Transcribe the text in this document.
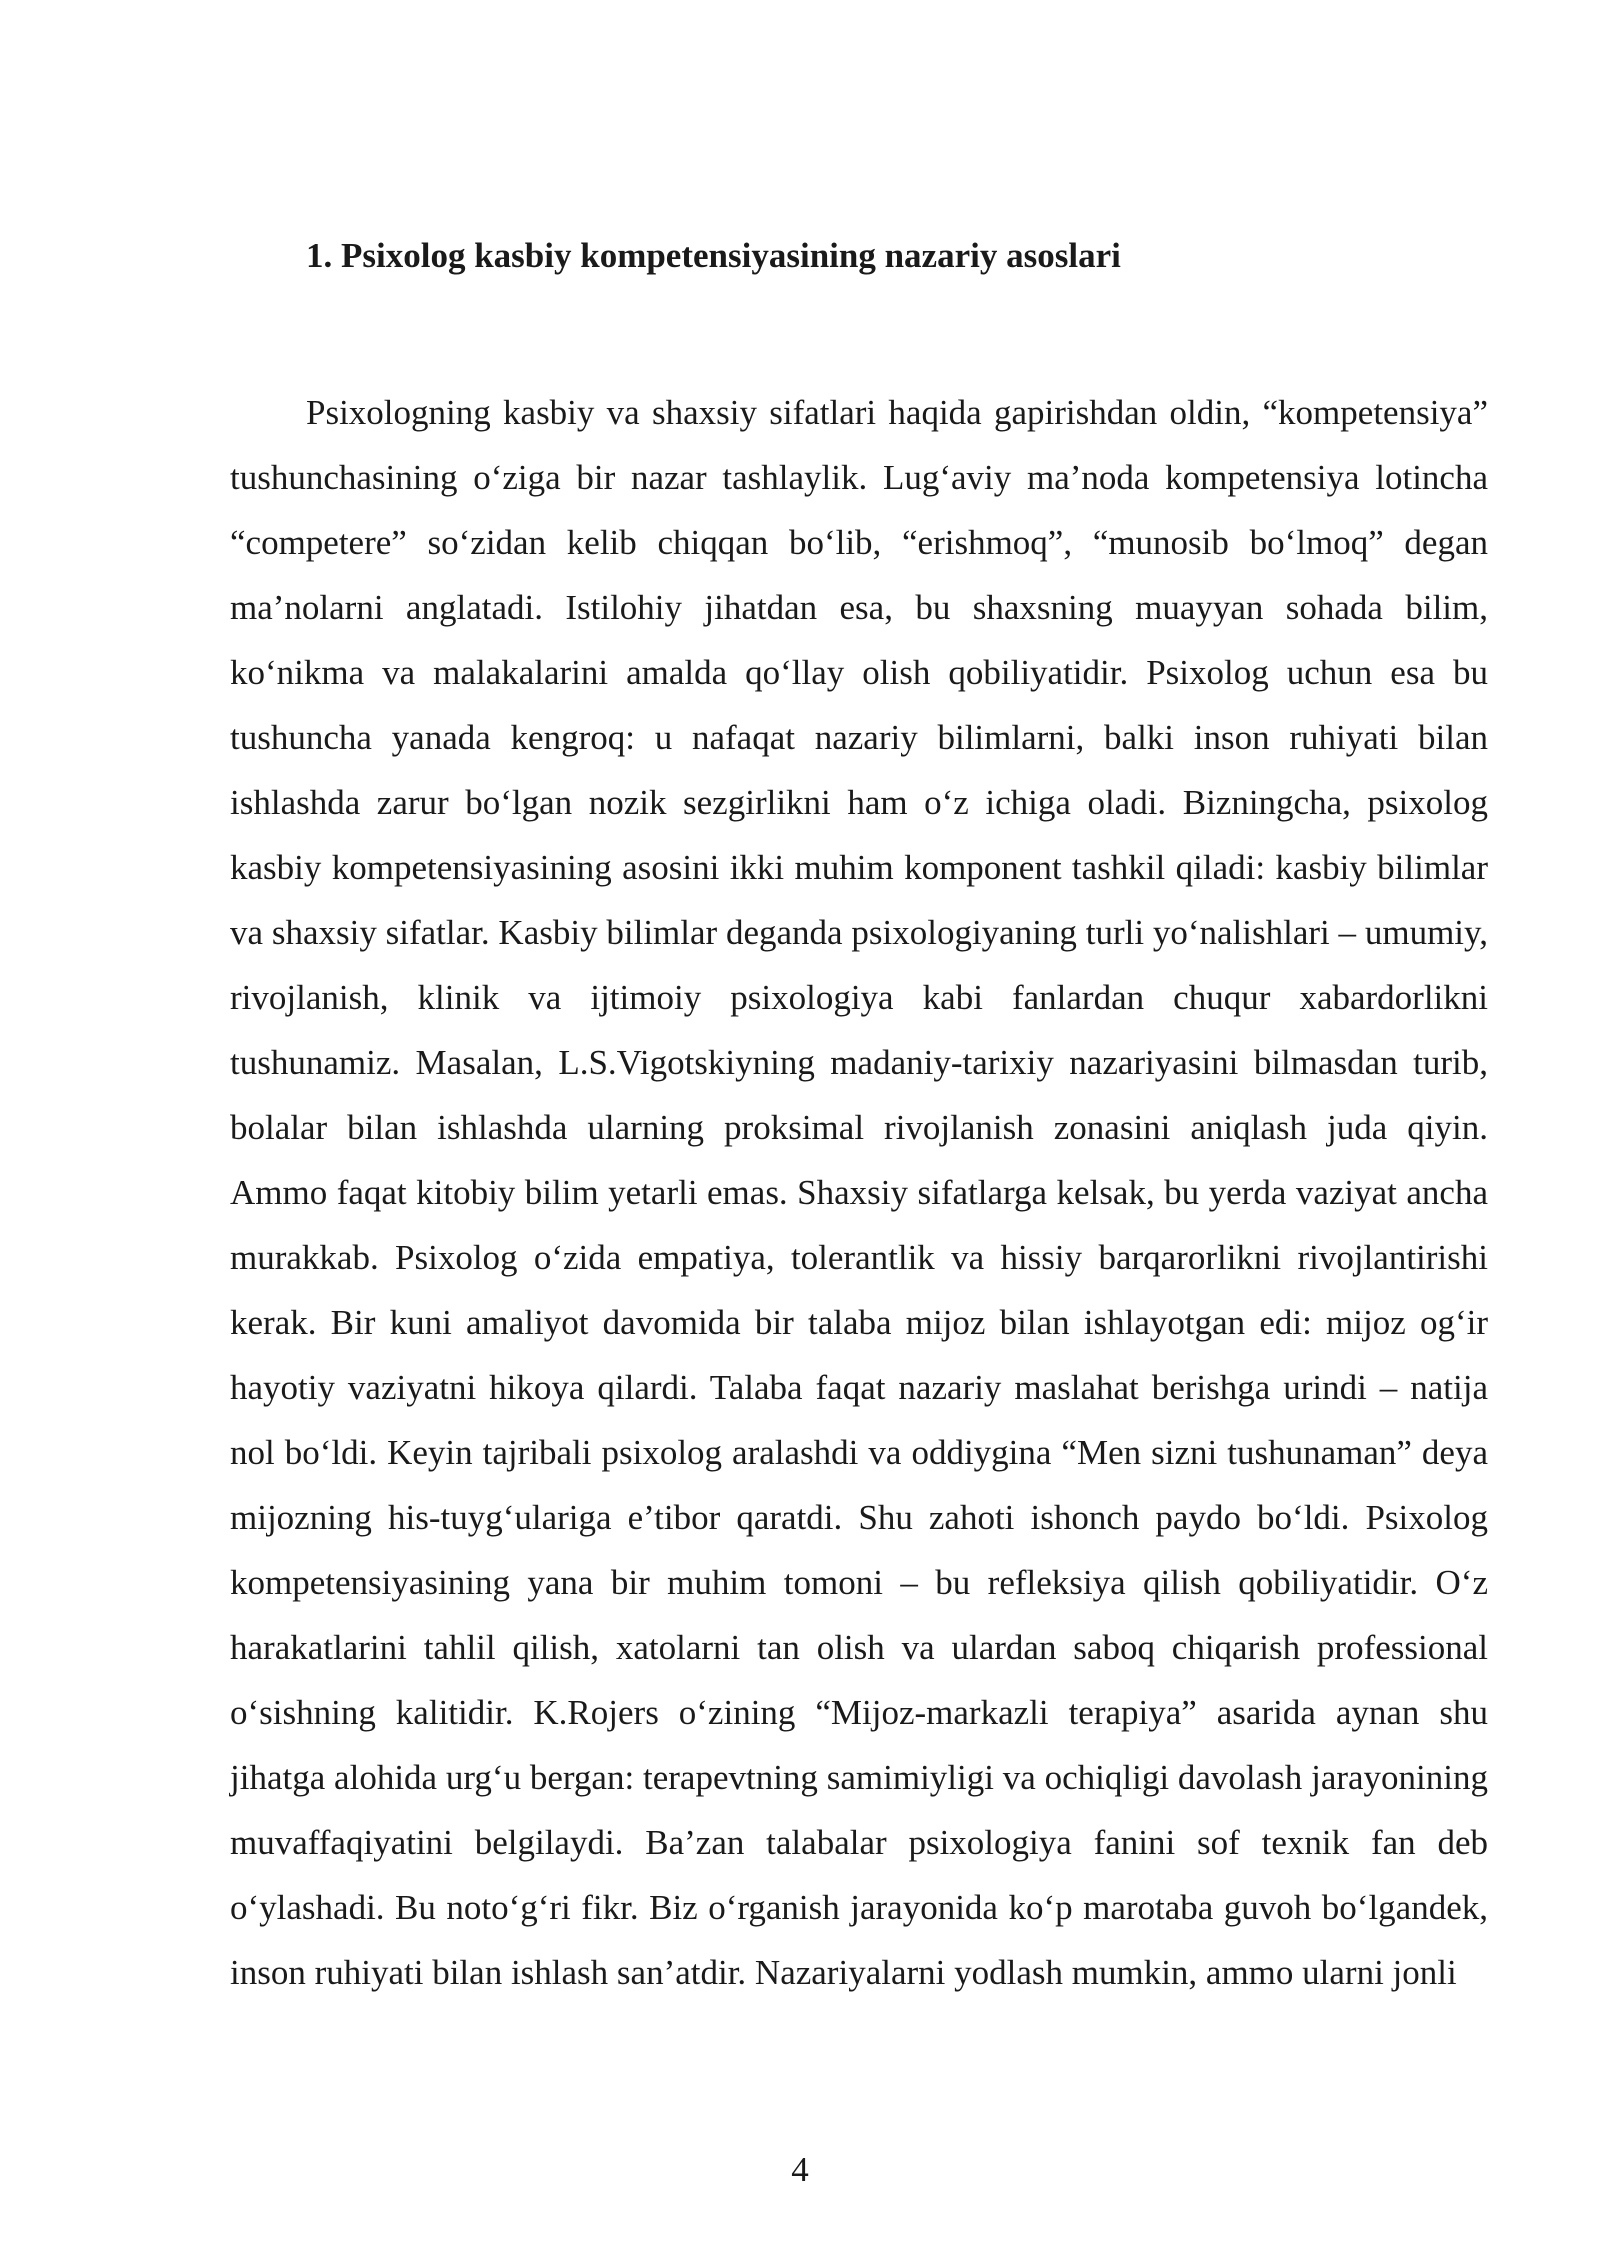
1. Psixolog kasbiy kompetensiyasining nazariy asoslari

Psixologning kasbiy va shaxsiy sifatlari haqida gapirishdan oldin, “kompetensiya” tushunchasining o‘ziga bir nazar tashlaylik. Lug‘aviy ma’noda kompetensiya lotincha “competere” so‘zidan kelib chiqqan bo‘lib, “erishmoq”, “munosib bo‘lmoq” degan ma’nolarni anglatadi. Istilohiy jihatdan esa, bu shaxsning muayyan sohada bilim, ko‘nikma va malakalarini amalda qo‘llay olish qobiliyatidir. Psixolog uchun esa bu tushuncha yanada kengroq: u nafaqat nazariy bilimlarni, balki inson ruhiyati bilan ishlashda zarur bo‘lgan nozik sezgirlikni ham o‘z ichiga oladi. Bizningcha, psixolog kasbiy kompetensiyasining asosini ikki muhim komponent tashkil qiladi: kasbiy bilimlar va shaxsiy sifatlar. Kasbiy bilimlar deganda psixologiyaning turli yo‘nalishlari – umumiy, rivojlanish, klinik va ijtimoiy psixologiya kabi fanlardan chuqur xabardorlikni tushunamiz. Masalan, L.S.Vigotskiyning madaniy-tarixiy nazariyasini bilmasdan turib, bolalar bilan ishlashda ularning proksimal rivojlanish zonasini aniqlash juda qiyin. Ammo faqat kitobiy bilim yetarli emas. Shaxsiy sifatlarga kelsak, bu yerda vaziyat ancha murakkab. Psixolog o‘zida empatiya, tolerantlik va hissiy barqarorlikni rivojlantirishi kerak. Bir kuni amaliyot davomida bir talaba mijoz bilan ishlayotgan edi: mijoz og‘ir hayotiy vaziyatni hikoya qilardi. Talaba faqat nazariy maslahat berishga urindi – natija nol bo‘ldi. Keyin tajribali psixolog aralashdi va oddiygina “Men sizni tushunaman” deya mijozning his-tuyg‘ulariga e’tibor qaratdi. Shu zahoti ishonch paydo bo‘ldi. Psixolog kompetensiyasining yana bir muhim tomoni – bu refleksiya qilish qobiliyatidir. O‘z harakatlarini tahlil qilish, xatolarni tan olish va ulardan saboq chiqarish professional o‘sishning kalitidir. K.Rojers o‘zining “Mijoz-markazli terapiya” asarida aynan shu jihatga alohida urg‘u bergan: terapevtning samimiyligi va ochiqligi davolash jarayonining muvaffaqiyatini belgilaydi. Ba’zan talabalar psixologiya fanini sof texnik fan deb o‘ylashadi. Bu noto‘g‘ri fikr. Biz o‘rganish jarayonida ko‘p marotaba guvoh bo‘lgandek, inson ruhiyati bilan ishlash san’atdir. Nazariyalarni yodlash mumkin, ammo ularni jonli

4
